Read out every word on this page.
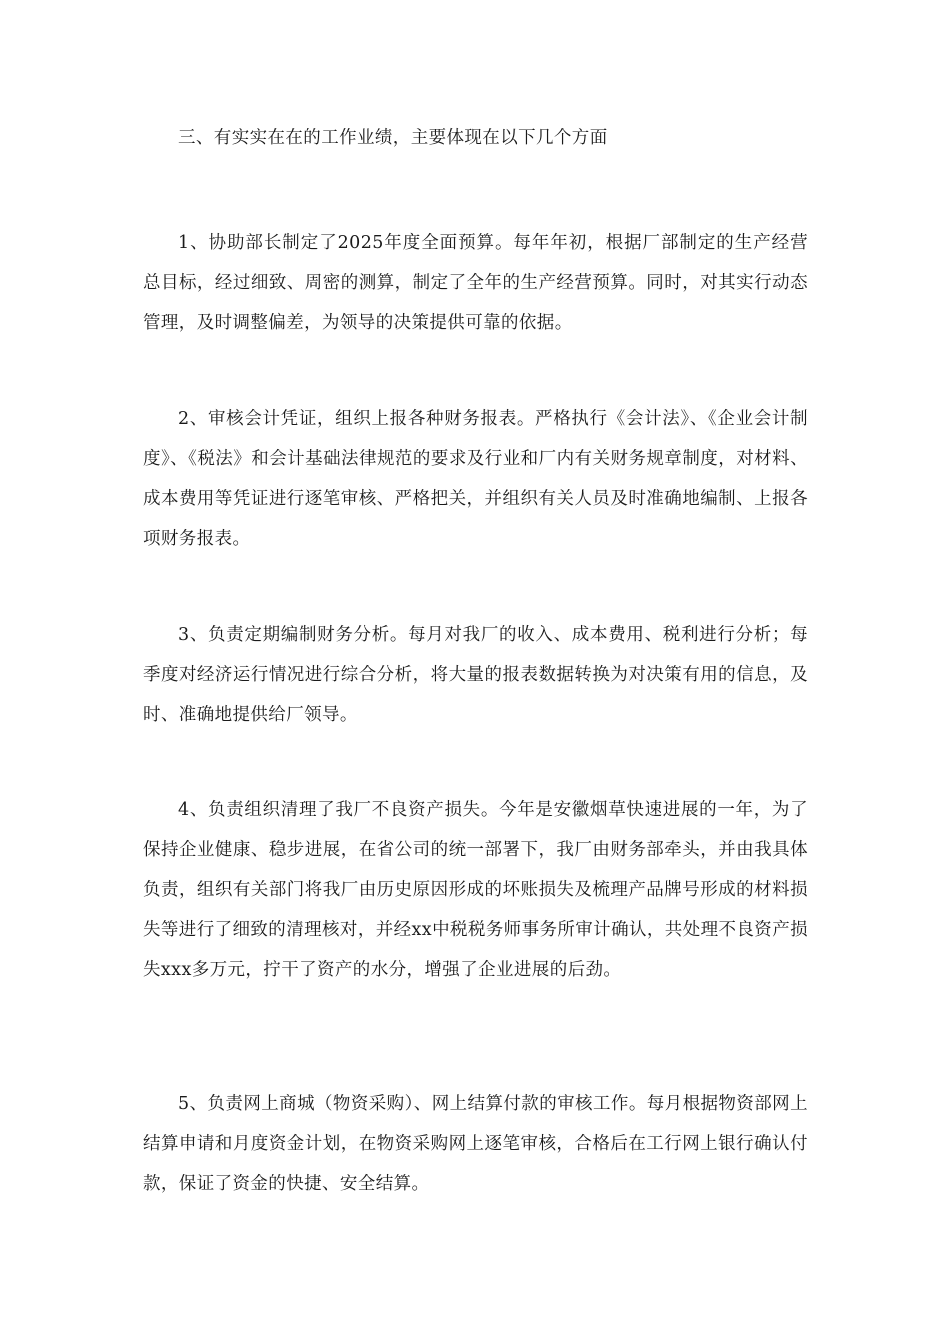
三、有实实在在的工作业绩，主要体现在以下几个方面

1、协助部长制定了2025年度全面预算。每年年初，根据厂部制定的生产经营总目标，经过细致、周密的测算，制定了全年的生产经营预算。同时，对其实行动态管理，及时调整偏差，为领导的决策提供可靠的依据。

2、审核会计凭证，组织上报各种财务报表。严格执行《会计法》、《企业会计制度》、《税法》和会计基础法律规范的要求及行业和厂内有关财务规章制度，对材料、成本费用等凭证进行逐笔审核、严格把关，并组织有关人员及时准确地编制、上报各项财务报表。

3、负责定期编制财务分析。每月对我厂的收入、成本费用、税利进行分析；每季度对经济运行情况进行综合分析，将大量的报表数据转换为对决策有用的信息，及时、准确地提供给厂领导。

4、负责组织清理了我厂不良资产损失。今年是安徽烟草快速进展的一年，为了保持企业健康、稳步进展，在省公司的统一部署下，我厂由财务部牵头，并由我具体负责，组织有关部门将我厂由历史原因形成的坏账损失及梳理产品牌号形成的材料损失等进行了细致的清理核对，并经xx中税税务师事务所审计确认，共处理不良资产损失xxx多万元，拧干了资产的水分，增强了企业进展的后劲。

5、负责网上商城（物资采购）、网上结算付款的审核工作。每月根据物资部网上结算申请和月度资金计划，在物资采购网上逐笔审核，合格后在工行网上银行确认付款，保证了资金的快捷、安全结算。
